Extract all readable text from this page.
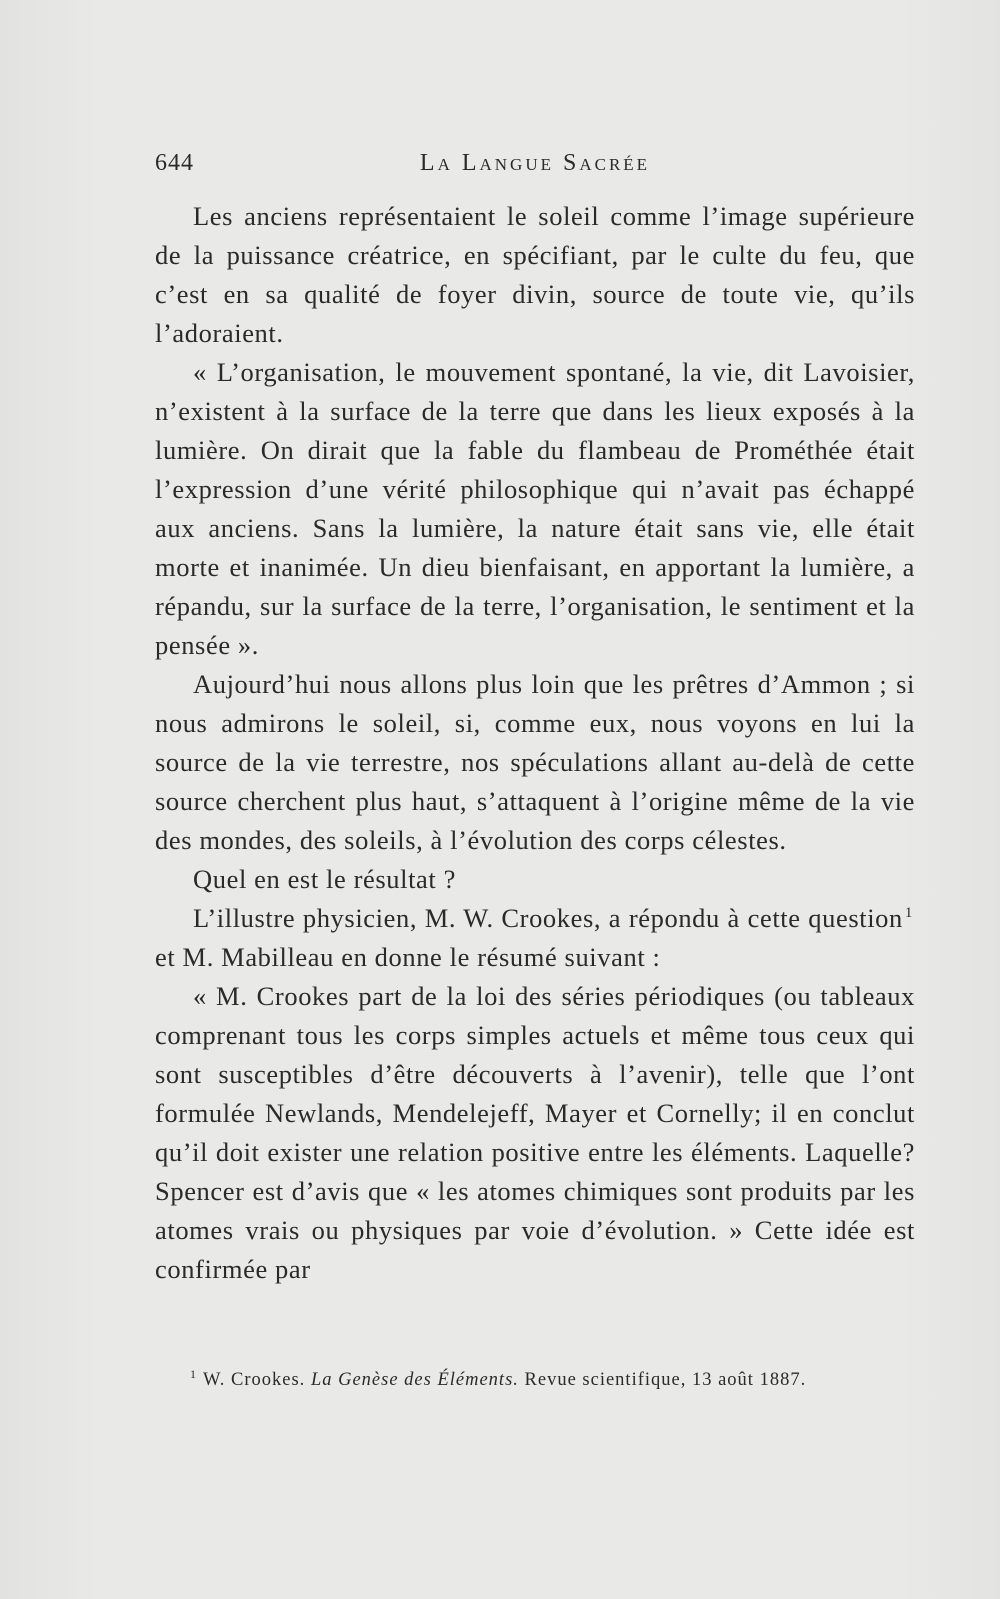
644	La Langue Sacrée

Les anciens représentaient le soleil comme l’image supérieure de la puissance créatrice, en spécifiant, par le culte du feu, que c’est en sa qualité de foyer divin, source de toute vie, qu’ils l’adoraient.

« L’organisation, le mouvement spontané, la vie, dit Lavoisier, n’existent à la surface de la terre que dans les lieux exposés à la lumière. On dirait que la fable du flambeau de Prométhée était l’expression d’une vérité philosophique qui n’avait pas échappé aux anciens. Sans la lumière, la nature était sans vie, elle était morte et inanimée. Un dieu bienfaisant, en apportant la lumière, a répandu, sur la surface de la terre, l’organisation, le sentiment et la pensée ».

Aujourd’hui nous allons plus loin que les prêtres d’Ammon ; si nous admirons le soleil, si, comme eux, nous voyons en lui la source de la vie terrestre, nos spéculations allant au-delà de cette source cherchent plus haut, s’attaquent à l’origine même de la vie des mondes, des soleils, à l’évolution des corps célestes.

Quel en est le résultat ?

L’illustre physicien, M. W. Crookes, a répondu à cette question $^1$ et M. Mabilleau en donne le résumé suivant :

« M. Crookes part de la loi des séries périodiques (ou tableaux comprenant tous les corps simples actuels et même tous ceux qui sont susceptibles d’être découverts à l’avenir), telle que l’ont formulée Newlands, Mendelejeff, Mayer et Cornelly; il en conclut qu’il doit exister une relation positive entre les éléments. Laquelle? Spencer est d’avis que « les atomes chimiques sont produits par les atomes vrais ou physiques par voie d’évolution. » Cette idée est confirmée par

$^1$ W. Crookes. La Genèse des Éléments. Revue scientifique, 13 août 1887.
